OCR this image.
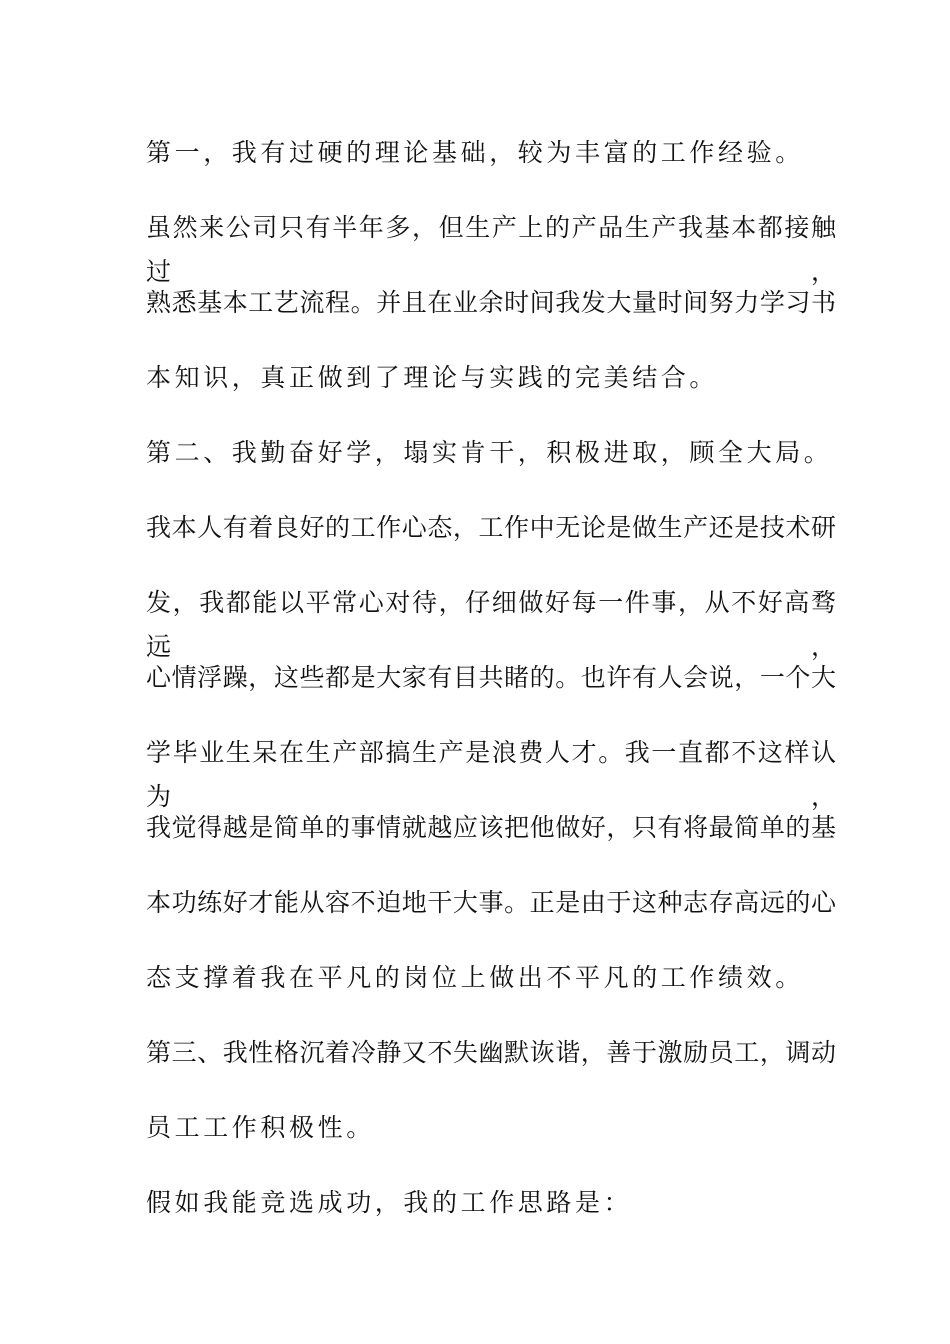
第一，我有过硬的理论基础，较为丰富的工作经验。
虽然来公司只有半年多，但生产上的产品生产我基本都接触过，
熟悉基本工艺流程。并且在业余时间我发大量时间努力学习书
本知识，真正做到了理论与实践的完美结合。
第二、我勤奋好学，塌实肯干，积极进取，顾全大局。
我本人有着良好的工作心态，工作中无论是做生产还是技术研
发，我都能以平常心对待，仔细做好每一件事，从不好高骛远，
心情浮躁，这些都是大家有目共睹的。也许有人会说，一个大
学毕业生呆在生产部搞生产是浪费人才。我一直都不这样认为，
我觉得越是简单的事情就越应该把他做好，只有将最简单的基
本功练好才能从容不迫地干大事。正是由于这种志存高远的心
态支撑着我在平凡的岗位上做出不平凡的工作绩效。
第三、我性格沉着冷静又不失幽默诙谐，善于激励员工，调动
员工工作积极性。
假如我能竞选成功，我的工作思路是：
